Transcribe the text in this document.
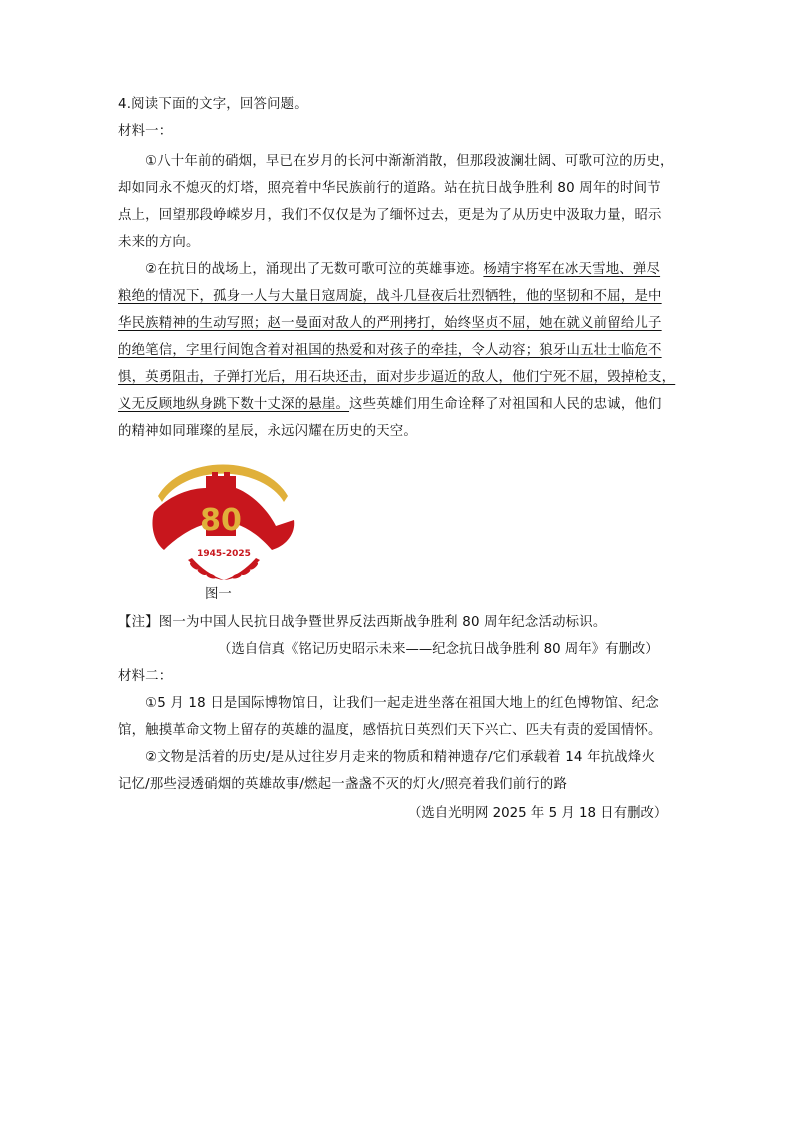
4.阅读下面的文字，回答问题。
材料一：
①八十年前的硝烟，早已在岁月的长河中渐渐消散，但那段波澜壮阔、可歌可泣的历史，
却如同永不熄灭的灯塔，照亮着中华民族前行的道路。站在抗日战争胜利 80 周年的时间节
点上，回望那段峥嵘岁月，我们不仅仅是为了缅怀过去，更是为了从历史中汲取力量，昭示
未来的方向。
②在抗日的战场上，涌现出了无数可歌可泣的英雄事迹。杨靖宇将军在冰天雪地、弹尽
粮绝的情况下，孤身一人与大量日寇周旋，战斗几昼夜后壮烈牺牲，他的坚韧和不屈，是中
华民族精神的生动写照；赵一曼面对敌人的严刑拷打，始终坚贞不屈，她在就义前留给儿子
的绝笔信，字里行间饱含着对祖国的热爱和对孩子的牵挂，令人动容；狼牙山五壮士临危不
惧，英勇阻击，子弹打光后，用石块还击，面对步步逼近的敌人，他们宁死不屈，毁掉枪支，
义无反顾地纵身跳下数十丈深的悬崖。这些英雄们用生命诠释了对祖国和人民的忠诚，他们
的精神如同璀璨的星辰，永远闪耀在历史的天空。
80
1945-2025
图一
【注】图一为中国人民抗日战争暨世界反法西斯战争胜利 80 周年纪念活动标识。
（选自信真《铭记历史昭示未来——纪念抗日战争胜利 80 周年》有删改）
材料二：
①5 月 18 日是国际博物馆日，让我们一起走进坐落在祖国大地上的红色博物馆、纪念
馆，触摸革命文物上留存的英雄的温度，感悟抗日英烈们天下兴亡、匹夫有责的爱国情怀。
②文物是活着的历史/是从过往岁月走来的物质和精神遗存/它们承载着 14 年抗战烽火
记忆/那些浸透硝烟的英雄故事/燃起一盏盏不灭的灯火/照亮着我们前行的路
（选自光明网 2025 年 5 月 18 日有删改）
